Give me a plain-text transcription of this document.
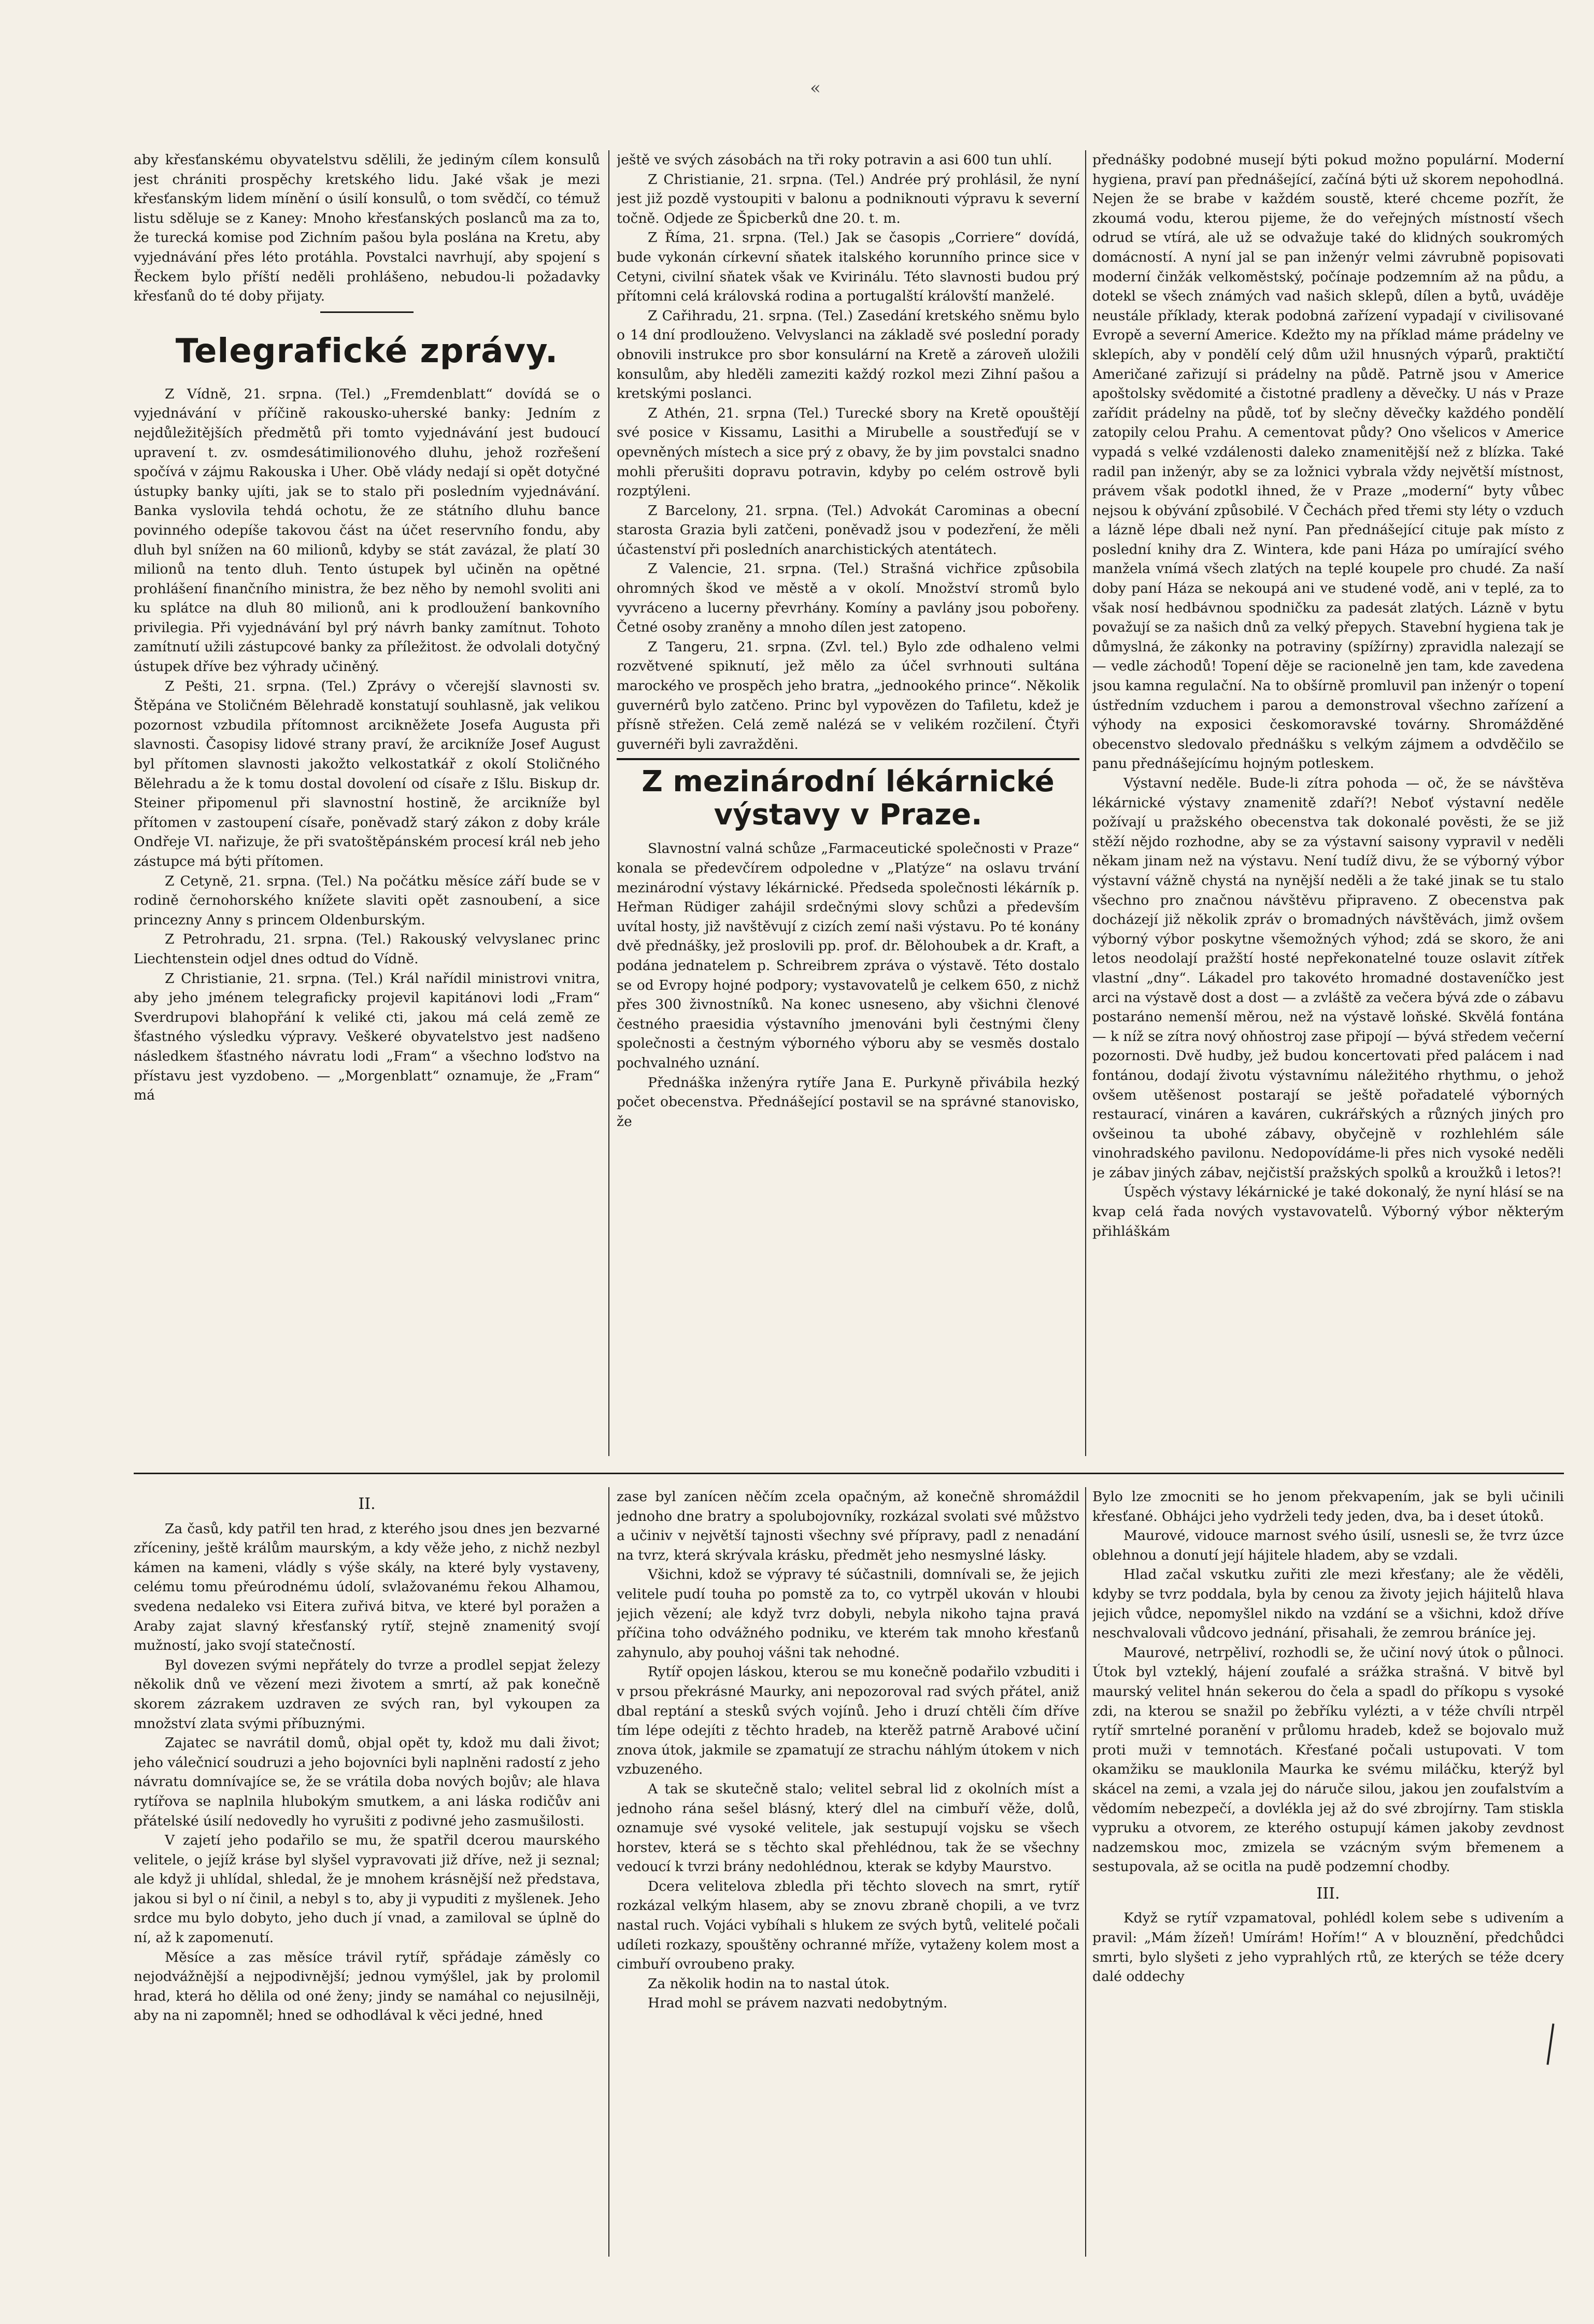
«

aby křesťanskému obyvatelstvu sdělili, že jediným cílem konsulů jest chrániti prospěchy kretského lidu. Jaké však je mezi křesťanským lidem mínění o úsilí konsulů, o tom svědčí, co témuž listu sděluje se z Kaney: Mnoho křesťanských poslanců ma za to, že turecká komise pod Zichním pašou byla poslána na Kretu, aby vyjednávání přes léto protáhla. Povstalci navrhují, aby spojení s Řeckem bylo příští neděli prohlášeno, nebudou-li požadavky křesťanů do té doby přijaty.

Telegrafické zprávy.

Z Vídně, 21. srpna. (Tel.) „Fremdenblatt“ dovídá se o vyjednávání v příčině rakousko-uherské banky: Jedním z nejdůležitějších předmětů při tomto vyjednávání jest budoucí upravení t. zv. osmdesátimilionového dluhu, jehož rozřešení spočívá v zájmu Rakouska i Uher. Obě vlády nedají si opět dotyčné ústupky banky ujíti, jak se to stalo při posledním vyjednávání. Banka vyslovila tehdá ochotu, že ze státního dluhu bance povinného odepíše takovou část na účet reservního fondu, aby dluh byl snížen na 60 milionů, kdyby se stát zavázal, že platí 30 milionů na tento dluh. Tento ústupek byl učiněn na opětné prohlášení finančního ministra, že bez něho by nemohl svoliti ani ku splátce na dluh 80 milionů, ani k prodloužení bankovního privilegia. Při vyjednávání byl prý návrh banky zamítnut. Tohoto zamítnutí užili zástupcové banky za příležitost. že odvolali dotyčný ústupek dříve bez výhrady učiněný.

Z Pešti, 21. srpna. (Tel.) Zprávy o včerejší slavnosti sv. Štěpána ve Stoličném Bělehradě konstatují souhlasně, jak velikou pozornost vzbudila přítomnost arcikněžete Josefa Augusta při slavnosti. Časopisy lidové strany praví, že arcikníže Josef August byl přítomen slavnosti jakožto velkostatkář z okolí Stoličného Bělehradu a že k tomu dostal dovolení od císaře z Išlu. Biskup dr. Steiner připomenul při slavnostní hostině, že arcikníže byl přítomen v zastoupení císaře, poněvadž starý zákon z doby krále Ondřeje VI. nařizuje, že při svatoštěpánském procesí král neb jeho zástupce má býti přítomen.

Z Cetyně, 21. srpna. (Tel.) Na počátku měsíce září bude se v rodině černohorského knížete slaviti opět zasnoubení, a sice princezny Anny s princem Oldenburským.

Z Petrohradu, 21. srpna. (Tel.) Rakouský velvyslanec princ Liechtenstein odjel dnes odtud do Vídně.

Z Christianie, 21. srpna. (Tel.) Král nařídil ministrovi vnitra, aby jeho jménem telegraficky projevil kapitánovi lodi „Fram“ Sverdrupovi blahopřání k veliké cti, jakou má celá země ze šťastného výsledku výpravy. Veškeré obyvatelstvo jest nadšeno následkem šťastného návratu lodi „Fram“ a všechno loďstvo na přístavu jest vyzdobeno. — „Morgenblatt“ oznamuje, že „Fram“ má

ještě ve svých zásobách na tři roky potravin a asi 600 tun uhlí.

Z Christianie, 21. srpna. (Tel.) Andrée prý prohlásil, že nyní jest již pozdě vystoupiti v balonu a podniknouti výpravu k severní točně. Odjede ze Špicberků dne 20. t. m.

Z Říma, 21. srpna. (Tel.) Jak se časopis „Corriere“ dovídá, bude vykonán církevní sňatek italského korunního prince sice v Cetyni, civilní sňatek však ve Kvirinálu. Této slavnosti budou prý přítomni celá královská rodina a portugalští královští manželé.

Z Cařihradu, 21. srpna. (Tel.) Zasedání kretského sněmu bylo o 14 dní prodlouženo. Velvyslanci na základě své poslední porady obnovili instrukce pro sbor konsulární na Kretě a zároveň uložili konsulům, aby hleděli zameziti každý rozkol mezi Zihní pašou a kretskými poslanci.

Z Athén, 21. srpna (Tel.) Turecké sbory na Kretě opouštějí své posice v Kissamu, Lasithi a Mirubelle a soustřeďují se v opevněných místech a sice prý z obavy, že by jim povstalci snadno mohli přerušiti dopravu potravin, kdyby po celém ostrově byli rozptýleni.

Z Barcelony, 21. srpna. (Tel.) Advokát Carominas a obecní starosta Grazia byli zatčeni, poněvadž jsou v podezření, že měli účastenství při posledních anarchistických atentátech.

Z Valencie, 21. srpna. (Tel.) Strašná vichřice způsobila ohromných škod ve městě a v okolí. Množství stromů bylo vyvráceno a lucerny převrhány. Komíny a pavlány jsou pobořeny. Četné osoby zraněny a mnoho dílen jest zatopeno.

Z Tangeru, 21. srpna. (Zvl. tel.) Bylo zde odhaleno velmi rozvětvené spiknutí, jež mělo za účel svrhnouti sultána marockého ve prospěch jeho bratra, „jednookého prince“. Několik guvernérů bylo zatčeno. Princ byl vypovězen do Tafiletu, kdež je přísně střežen. Celá země nalézá se v velikém rozčilení. Čtyři guvernéři byli zavražděni.

Z mezinárodní lékárnické výstavy v Praze.

Slavnostní valná schůze „Farmaceutické společnosti v Praze“ konala se předevčírem odpoledne v „Platýze“ na oslavu trvání mezinárodní výstavy lékárnické. Předseda společnosti lékárník p. Heřman Rüdiger zahájil srdečnými slovy schůzi a především uvítal hosty, již navštěvují z cizích zemí naši výstavu. Po té konány dvě přednášky, jež proslovili pp. prof. dr. Bělohoubek a dr. Kraft, a podána jednatelem p. Schreibrem zpráva o výstavě. Této dostalo se od Evropy hojné podpory; vystavovatelů je celkem 650, z nichž přes 300 živnostníků. Na konec usneseno, aby všichni členové čestného praesidia výstavního jmenováni byli čestnými členy společnosti a čestným výborného výboru aby se vesměs dostalo pochvalného uznání.

Přednáška inženýra rytíře Jana E. Purkyně přivábila hezký počet obecenstva. Přednášející postavil se na správné stanovisko, že

přednášky podobné musejí býti pokud možno populární. Moderní hygiena, praví pan přednášející, začíná býti už skorem nepohodlná. Nejen že se brabe v každém soustě, které chceme pozřít, že zkoumá vodu, kterou pijeme, že do veřejných místností všech odrud se vtírá, ale už se odvažuje také do klidných soukromých domácností. A nyní jal se pan inženýr velmi závrubně popisovati moderní činžák velkoměstský, počínaje podzemním až na půdu, a dotekl se všech známých vad našich sklepů, dílen a bytů, uváděje neustále příklady, kterak podobná zařízení vypadají v civilisované Evropě a severní Americe. Kdežto my na příklad máme prádelny ve sklepích, aby v pondělí celý dům užil hnusných výparů, praktičtí Američané zařizují si prádelny na půdě. Patrně jsou v Americe apoštolsky svědomité a čistotné pradleny a děvečky. U nás v Praze zařídit prádelny na půdě, toť by slečny děvečky každého pondělí zatopily celou Prahu. A cementovat půdy? Ono všelicos v Americe vypadá s velké vzdálenosti daleko znamenitější než z blízka. Také radil pan inženýr, aby se za ložnici vybrala vždy největší místnost, právem však podotkl ihned, že v Praze „moderní“ byty vůbec nejsou k obývání způsobilé. V Čechách před třemi sty léty o vzduch a lázně lépe dbali než nyní. Pan přednášející cituje pak místo z poslední knihy dra Z. Wintera, kde pani Háza po umírající svého manžela vnímá všech zlatých na teplé koupele pro chudé. Za naší doby paní Háza se nekoupá ani ve studené vodě, ani v teplé, za to však nosí hedbávnou spodničku za padesát zlatých. Lázně v bytu považují se za našich dnů za velký přepych. Stavební hygiena tak je důmyslná, že zákonky na potraviny (spížírny) zpravidla nalezají se — vedle záchodů! Topení děje se racionelně jen tam, kde zavedena jsou kamna regulační. Na to obšírně promluvil pan inženýr o topení ústředním vzduchem i parou a demonstroval všechno zařízení a výhody na exposici českomoravské továrny. Shromážděné obecenstvo sledovalo přednášku s velkým zájmem a odvděčilo se panu přednášejícímu hojným potleskem.

Výstavní neděle. Bude-li zítra pohoda — oč, že se návštěva lékárnické výstavy znamenitě zdaří?! Neboť výstavní neděle požívají u pražského obecenstva tak dokonalé pověsti, že se již stěží nějdo rozhodne, aby se za výstavní saisony vypravil v neděli někam jinam než na výstavu. Není tudíž divu, že se výborný výbor výstavní vážně chystá na nynější neděli a že také jinak se tu stalo všechno pro značnou návštěvu připraveno. Z obecenstva pak docházejí již několik zpráv o bromadných návštěvách, jimž ovšem výborný výbor poskytne všemožných výhod; zdá se skoro, že ani letos neodolají pražští hosté nepřekonatelné touze oslavit zítřek vlastní „dny“. Lákadel pro takovéto hromadné dostaveníčko jest arci na výstavě dost a dost — a zvláště za večera bývá zde o zábavu postaráno nemenší měrou, než na výstavě loňské. Skvělá fontána — k níž se zítra nový ohňostroj zase připojí — bývá středem večerní pozornosti. Dvě hudby, jež budou koncertovati před palácem i nad fontánou, dodají životu výstavnímu náležitého rhythmu, o jehož ovšem utěšenost postarají se ještě pořadatelé výborných restaurací, vináren a kaváren, cukrářských a různých jiných pro ovšeinou ta ubohé zábavy, obyčejně v rozhlehlém sále vinohradského pavilonu. Nedopovídáme-li přes nich vysoké neděli je zábav jiných zábav, nejčistší pražských spolků a kroužků i letos?!

Úspěch výstavy lékárnické je také dokonalý, že nyní hlásí se na kvap celá řada nových vystavovatelů. Výborný výbor některým přihláškám

II.

Za časů, kdy patřil ten hrad, z kterého jsou dnes jen bezvarné zříceniny, ještě králům maurským, a kdy věže jeho, z nichž nezbyl kámen na kameni, vládly s výše skály, na které byly vystaveny, celému tomu přeúrodnému údolí, svlažovanému řekou Alhamou, svedena nedaleko vsi Eitera zuřivá bitva, ve které byl poražen a Araby zajat slavný křesťanský rytíř, stejně znamenitý svojí mužností, jako svojí statečností.

Byl dovezen svými nepřátely do tvrze a prodlel sepjat železy několik dnů ve vězení mezi životem a smrtí, až pak konečně skorem zázrakem uzdraven ze svých ran, byl vykoupen za množství zlata svými příbuznými.

Zajatec se navrátil domů, objal opět ty, kdož mu dali život; jeho válečnicí soudruzi a jeho bojovníci byli naplněni radostí z jeho návratu domnívajíce se, že se vrátila doba nových bojův; ale hlava rytířova se naplnila hlubokým smutkem, a ani láska rodičův ani přátelské úsilí nedovedly ho vyrušiti z podivné jeho zasmušilosti.

V zajetí jeho podařilo se mu, že spatřil dcerou maurského velitele, o jejíž kráse byl slyšel vypravovati již dříve, než ji seznal; ale když ji uhlídal, shledal, že je mnohem krásnější než představa, jakou si byl o ní činil, a nebyl s to, aby ji vypuditi z myšlenek. Jeho srdce mu bylo dobyto, jeho duch jí vnad, a zamiloval se úplně do ní, až k zapomenutí.

Měsíce a zas měsíce trávil rytíř, spřádaje záměsly co nejodvážnější a nejpodivnější; jednou vymýšlel, jak by prolomil hrad, která ho dělila od oné ženy; jindy se namáhal co nejusilněji, aby na ni zapomněl; hned se odhodlával k věci jedné, hned

zase byl zanícen něčím zcela opačným, až konečně shromáždil jednoho dne bratry a spolubojovníky, rozkázal svolati své můžstvo a učiniv v největší tajnosti všechny své přípravy, padl z nenadání na tvrz, která skrývala krásku, předmět jeho nesmyslné lásky.

Všichni, kdož se výpravy té súčastnili, domnívali se, že jejich velitele pudí touha po pomstě za to, co vytrpěl ukován v hloubi jejich vězení; ale když tvrz dobyli, nebyla nikoho tajna pravá příčina toho odvážného podniku, ve kterém tak mnoho křesťanů zahynulo, aby pouhoj vášni tak nehodné.

Rytíř opojen láskou, kterou se mu konečně podařilo vzbuditi i v prsou překrásné Maurky, ani nepozoroval rad svých přátel, aniž dbal reptání a stesků svých vojínů. Jeho i druzí chtěli čím dříve tím lépe odejíti z těchto hradeb, na kterěž patrně Arabové učiní znova útok, jakmile se zpamatují ze strachu náhlým útokem v nich vzbuzeného.

A tak se skutečně stalo; velitel sebral lid z okolních míst a jednoho rána sešel blásný, který dlel na cimbuří věže, dolů, oznamuje své vysoké velitele, jak sestupují vojsku se všech horstev, která se s těchto skal přehlédnou, tak že se všechny vedoucí k tvrzi brány nedohlédnou, kterak se kdyby Maurstvo.

Dcera velitelova zbledla při těchto slovech na smrt, rytíř rozkázal velkým hlasem, aby se znovu zbraně chopili, a ve tvrz nastal ruch. Vojáci vybíhali s hlukem ze svých bytů, velitelé počali udíleti rozkazy, spouštěny ochranné mříže, vytaženy kolem most a cimbuří ovroubeno praky.

Za několik hodin na to nastal útok.

Hrad mohl se právem nazvati nedobytným.

Bylo lze zmocniti se ho jenom překvapením, jak se byli učinili křesťané. Obhájci jeho vydrželi tedy jeden, dva, ba i deset útoků.

Maurové, vidouce marnost svého úsilí, usnesli se, že tvrz úzce oblehnou a donutí její hájitele hladem, aby se vzdali.

Hlad začal vskutku zuřiti zle mezi křesťany; ale že věděli, kdyby se tvrz poddala, byla by cenou za životy jejich hájitelů hlava jejich vůdce, nepomyšlel nikdo na vzdání se a všichni, kdož dříve neschvalovali vůdcovo jednání, přisahali, že zemrou bráníce jej.

Maurové, netrpěliví, rozhodli se, že učiní nový útok o půlnoci. Útok byl vzteklý, hájení zoufalé a srážka strašná. V bitvě byl maurský velitel hnán sekerou do čela a spadl do příkopu s vysoké zdi, na kterou se snažil po žebříku vylézti, a v téže chvíli ntrpěl rytíř smrtelné poranění v průlomu hradeb, kdež se bojovalo muž proti muži v temnotách. Křesťané počali ustupovati. V tom okamžiku se mauklonila Maurka ke svému miláčku, kterýž byl skácel na zemi, a vzala jej do náruče silou, jakou jen zoufalstvím a vědomím nebezpečí, a dovlékla jej až do své zbrojírny. Tam stiskla vypruku a otvorem, ze kterého ostupují kámen jakoby zevdnost nadzemskou moc, zmizela se vzácným svým břemenem a sestupovala, až se ocitla na pudě podzemní chodby.

III.

Když se rytíř vzpamatoval, pohlédl kolem sebe s udivením a pravil: „Mám žízeň! Umírám! Hořím!“ A v blouznění, předchůdci smrti, bylo slyšeti z jeho vyprahlých rtů, ze kterých se téže dcery dalé oddechy
